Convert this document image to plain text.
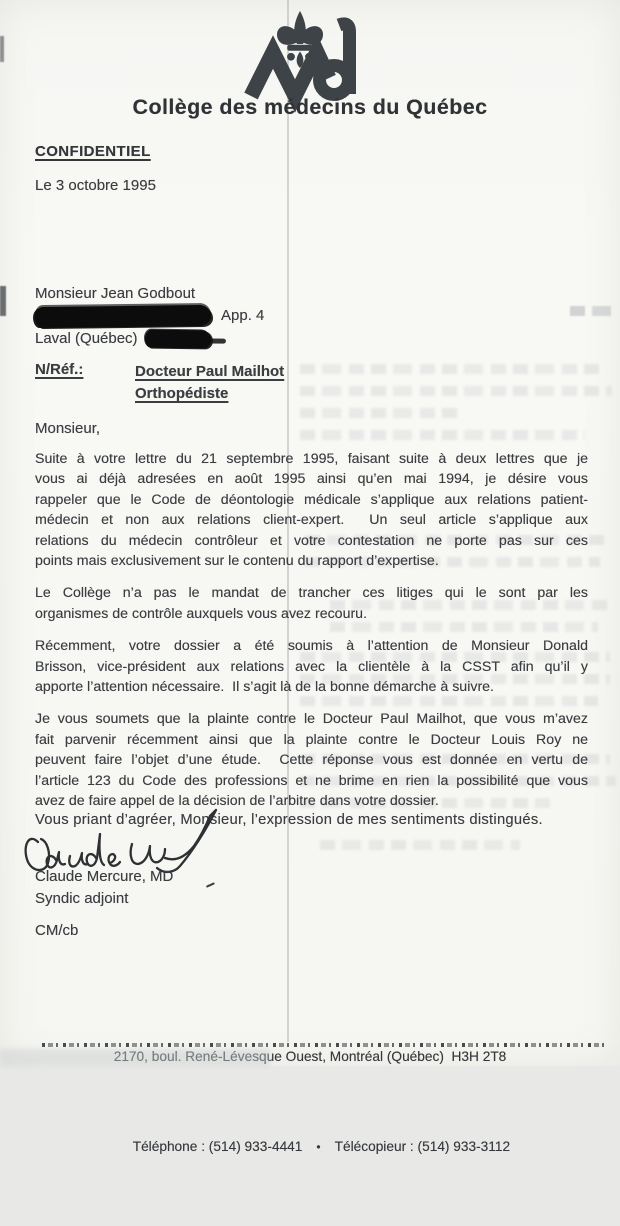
Collège des médecins du Québec
CONFIDENTIEL
Le 3 octobre 1995
Monsieur Jean Godbout
App. 4
Laval (Québec)
N/Réf.:	Docteur Paul Mailhot
Orthopédiste
Monsieur,
Suite à votre lettre du 21 septembre 1995, faisant suite à deux lettres que je
vous ai déjà adresées en août 1995 ainsi qu’en mai 1994, je désire vous
rappeler que le Code de déontologie médicale s’applique aux relations patient-
médecin et non aux relations client-expert.  Un seul article s’applique aux
relations du médecin contrôleur et votre contestation ne porte pas sur ces
points mais exclusivement sur le contenu du rapport d’expertise.
Le Collège n’a pas le mandat de trancher ces litiges qui le sont par les
organismes de contrôle auxquels vous avez recouru.
Récemment, votre dossier a été soumis à l’attention de Monsieur Donald
Brisson, vice-président aux relations avec la clientèle à la CSST afin qu’il y
apporte l’attention nécessaire.  Il s’agit là de la bonne démarche à suivre.
Je vous soumets que la plainte contre le Docteur Paul Mailhot, que vous m’avez
fait parvenir récemment ainsi que la plainte contre le Docteur Louis Roy ne
peuvent faire l’objet d’une étude.  Cette réponse vous est donnée en vertu de
l’article 123 du Code des professions et ne brime en rien la possibilité que vous
avez de faire appel de la décision de l’arbitre dans votre dossier.
Vous priant d’agréer, Monsieur, l’expression de mes sentiments distingués.
Claude Mercure, MD
Syndic adjoint
CM/cb

2170, boul. René-Lévesque Ouest, Montréal (Québec)  H3H 2T8

Téléphone : (514) 933-4441 • Télécopieur : (514) 933-3112
